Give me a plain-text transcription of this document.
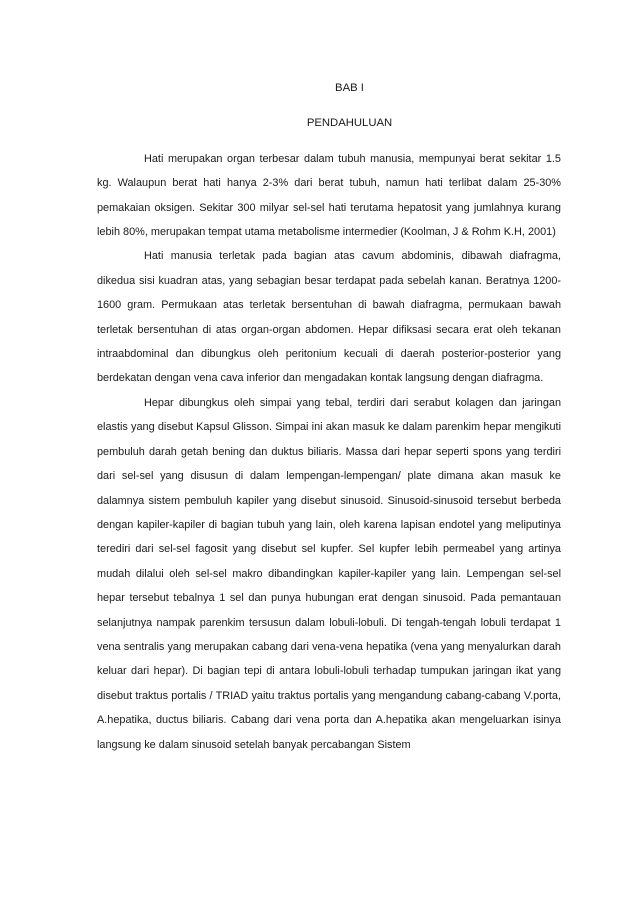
BAB I
PENDAHULUAN

Hati merupakan organ terbesar dalam tubuh manusia, mempunyai berat sekitar 1.5 kg. Walaupun berat hati hanya 2-3% dari berat tubuh, namun hati terlibat dalam 25-30% pemakaian oksigen. Sekitar 300 milyar sel-sel hati terutama hepatosit yang jumlahnya kurang lebih 80%, merupakan tempat utama metabolisme intermedier (Koolman, J & Rohm K.H, 2001)

Hati manusia terletak pada bagian atas cavum abdominis, dibawah diafragma, dikedua sisi kuadran atas, yang sebagian besar terdapat pada sebelah kanan. Beratnya 1200-1600 gram. Permukaan atas terletak bersentuhan di bawah diafragma, permukaan bawah terletak bersentuhan di atas organ-organ abdomen. Hepar difiksasi secara erat oleh tekanan intraabdominal dan dibungkus oleh peritonium kecuali di daerah posterior-posterior yang berdekatan dengan vena cava inferior dan mengadakan kontak langsung dengan diafragma.

Hepar dibungkus oleh simpai yang tebal, terdiri dari serabut kolagen dan jaringan elastis yang disebut Kapsul Glisson. Simpai ini akan masuk ke dalam parenkim hepar mengikuti pembuluh darah getah bening dan duktus biliaris. Massa dari hepar seperti spons yang terdiri dari sel-sel yang disusun di dalam lempengan-lempengan/ plate dimana akan masuk ke dalamnya sistem pembuluh kapiler yang disebut sinusoid. Sinusoid-sinusoid tersebut berbeda dengan kapiler-kapiler di bagian tubuh yang lain, oleh karena lapisan endotel yang meliputinya terediri dari sel-sel fagosit yang disebut sel kupfer. Sel kupfer lebih permeabel yang artinya mudah dilalui oleh sel-sel makro dibandingkan kapiler-kapiler yang lain. Lempengan sel-sel hepar tersebut tebalnya 1 sel dan punya hubungan erat dengan sinusoid. Pada pemantauan selanjutnya nampak parenkim tersusun dalam lobuli-lobuli. Di tengah-tengah lobuli terdapat 1 vena sentralis yang merupakan cabang dari vena-vena hepatika (vena yang menyalurkan darah keluar dari hepar). Di bagian tepi di antara lobuli-lobuli terhadap tumpukan jaringan ikat yang disebut traktus portalis / TRIAD yaitu traktus portalis yang mengandung cabang-cabang V.porta, A.hepatika, ductus biliaris. Cabang dari vena porta dan A.hepatika akan mengeluarkan isinya langsung ke dalam sinusoid setelah banyak percabangan Sistem
